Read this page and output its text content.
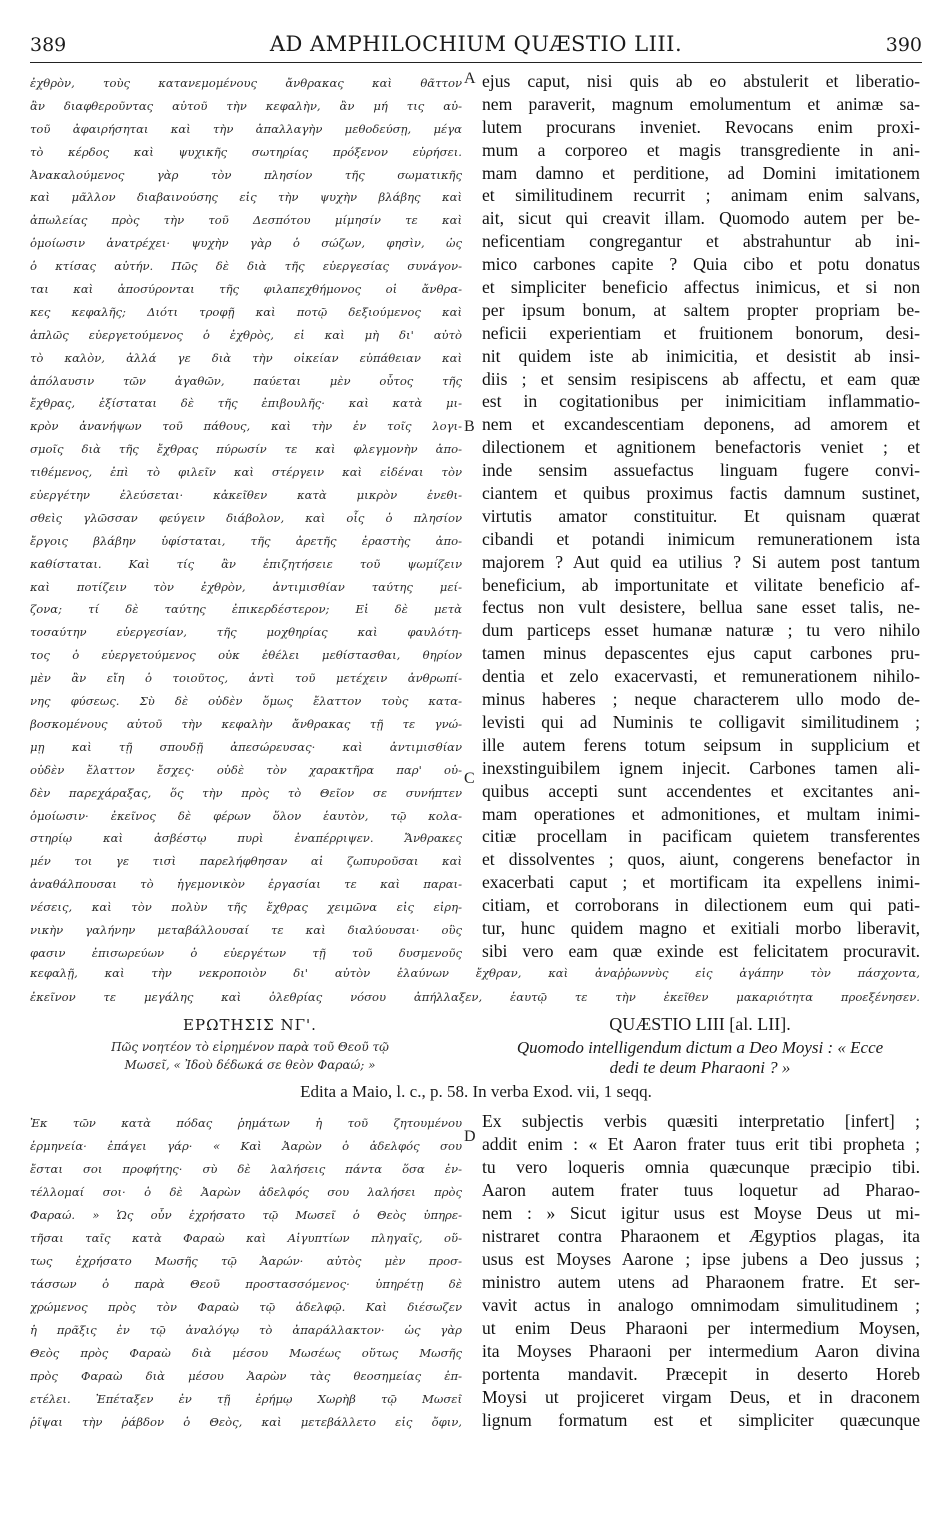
389	AD AMPHILOCHIUM QUÆSTIO LIII.	390
ἐχθρὸν, τοὺς κατανεμομένους ἄνθρακας καὶ θᾶττον
ἂν διαφθεροῦντας αὐτοῦ τὴν κεφαλὴν, ἂν μή τις αὐ-
τοῦ ἀφαιρήσηται καὶ τὴν ἀπαλλαγὴν μεθοδεύσῃ, μέγα
τὸ κέρδος καὶ ψυχικῆς σωτηρίας πρόξενον εὑρήσει.
Ἀνακαλούμενος γὰρ τὸν πλησίον τῆς σωματικῆς
καὶ μᾶλλον διαβαινούσης εἰς τὴν ψυχὴν βλάβης καὶ
ἀπωλείας πρὸς τὴν τοῦ Δεσπότου μίμησίν τε καὶ
ὁμοίωσιν ἀνατρέχει· ψυχὴν γὰρ ὁ σώζων, φησὶν, ὡς
ὁ κτίσας αὐτήν. Πῶς δὲ διὰ τῆς εὐεργεσίας συνάγον-
ται καὶ ἀποσύρονται τῆς φιλαπεχθήμονος οἱ ἄνθρα-
κες κεφαλῆς; Διότι τροφῇ καὶ ποτῷ δεξιούμενος καὶ
ἁπλῶς εὐεργετούμενος ὁ ἐχθρὸς, εἰ καὶ μὴ δι' αὐτὸ
τὸ καλὸν, ἀλλά γε διὰ τὴν οἰκείαν εὐπάθειαν καὶ
ἀπόλαυσιν τῶν ἀγαθῶν, παύεται μὲν οὗτος τῆς
ἔχθρας, ἐξίσταται δὲ τῆς ἐπιβουλῆς· καὶ κατὰ μι-
κρὸν ἀνανήψων τοῦ πάθους, καὶ τὴν ἐν τοῖς λογι-
σμοῖς διὰ τῆς ἔχθρας πύρωσίν τε καὶ φλεγμονὴν ἀπο-
τιθέμενος, ἐπὶ τὸ φιλεῖν καὶ στέργειν καὶ εἰδέναι τὸν
εὐεργέτην ἐλεύσεται· κἀκεῖθεν κατὰ μικρὸν ἐνεθι-
σθεὶς γλῶσσαν φεύγειν διάβολον, καὶ οἷς ὁ πλησίον
ἔργοις βλάβην ὑφίσταται, τῆς ἀρετῆς ἐραστὴς ἀπο-
καθίσταται. Καὶ τίς ἂν ἐπιζητήσειε τοῦ ψωμίζειν
καὶ ποτίζειν τὸν ἐχθρὸν, ἀντιμισθίαν ταύτης μεί-
ζονα; τί δὲ ταύτης ἐπικερδέστερον; Εἰ δὲ μετὰ
τοσαύτην εὐεργεσίαν, τῆς μοχθηρίας καὶ φαυλότη-
τος ὁ εὐεργετούμενος οὐκ ἐθέλει μεθίστασθαι, θηρίον
μὲν ἂν εἴη ὁ τοιοῦτος, ἀντὶ τοῦ μετέχειν ἀνθρωπί-
νης φύσεως. Σὺ δὲ οὐδὲν ὅμως ἔλαττον τοὺς κατα-
βοσκομένους αὐτοῦ τὴν κεφαλὴν ἄνθρακας τῇ τε γνώ-
μῃ καὶ τῇ σπουδῇ ἀπεσώρευσας· καὶ ἀντιμισθίαν
οὐδὲν ἔλαττον ἔσχες· οὐδὲ τὸν χαρακτῆρα παρ' οὐ-
δὲν παρεχάραξας, ὅς τὴν πρὸς τὸ Θεῖον σε συνήπτεν
ὁμοίωσιν· ἐκεῖνος δὲ φέρων ὅλον ἑαυτὸν, τῷ κολα-
στηρίῳ καὶ ἀσβέστῳ πυρὶ ἐναπέρριψεν. Ἄνθρακες
μέν τοι γε τισὶ παρελήφθησαν αἱ ζωπυροῦσαι καὶ
ἀναθάλπουσαι τὸ ἡγεμονικὸν ἐργασίαι τε καὶ παραι-
νέσεις, καὶ τὸν πολὺν τῆς ἔχθρας χειμῶνα εἰς εἰρη-
νικὴν γαλήνην μεταβάλλουσαί τε καὶ διαλύουσαι· οὓς
φασιν ἐπισωρεύων ὁ εὐεργέτων τῇ τοῦ δυσμενοῦς
ejus caput, nisi quis ab eo abstulerit et liberatio-
nem paraverit, magnum emolumentum et animæ sa-
lutem procurans inveniet. Revocans enim proxi-
mum a corporeo et magis transgrediente in ani-
mam damno et perditione, ad Domini imitationem
et similitudinem recurrit ; animam enim salvans,
ait, sicut qui creavit illam. Quomodo autem per be-
neficentiam congregantur et abstrahuntur ab ini-
mico carbones capite ? Quia cibo et potu donatus
et simpliciter beneficio affectus inimicus, et si non
per ipsum bonum, at saltem propter propriam be-
neficii experientiam et fruitionem bonorum, desi-
nit quidem iste ab inimicitia, et desistit ab insi-
diis ; et sensim resipiscens ab affectu, et eam quæ
est in cogitationibus per inimicitiam inflammatio-
nem et excandescentiam deponens, ad amorem et
dilectionem et agnitionem benefactoris veniet ; et
inde sensim assuefactus linguam fugere convi-
ciantem et quibus proximus factis damnum sustinet,
virtutis amator constituitur. Et quisnam quærat
cibandi et potandi inimicum remunerationem ista
majorem ? Aut quid ea utilius ? Si autem post tantum
beneficium, ab importunitate et vilitate beneficio af-
fectus non vult desistere, bellua sane esset talis, ne-
dum particeps esset humanæ naturæ ; tu vero nihilo
tamen minus depascentes ejus caput carbones pru-
dentia et zelo exacervasti, et remunerationem nihilo-
minus haberes ; neque characterem ullo modo de-
levisti qui ad Numinis te colligavit similitudinem ;
ille autem ferens totum seipsum in supplicium et
inexstinguibilem ignem injecit. Carbones tamen ali-
quibus accepti sunt accendentes et excitantes ani-
mam operationes et admonitiones, et multam inimi-
citiæ procellam in pacificam quietem transferentes
et dissolventes ; quos, aiunt, congerens benefactor in
exacerbati caput ; et mortificam ita expellens inimi-
citiam, et corroborans in dilectionem eum qui pati-
tur, hunc quidem magno et exitiali morbo liberavit,
sibi vero eam quæ exinde est felicitatem procuravit.
A
B
C
D
κεφαλῇ, καὶ τὴν νεκροποιὸν δι' αὐτὸν ἐλαύνων ἔχθραν, καὶ ἀναῤῥωννὺς εἰς ἀγάπην τὸν πάσχοντα,
ἐκεῖνον τε μεγάλης καὶ ὀλεθρίας νόσου ἀπήλλαξεν, ἑαυτῷ τε τὴν ἐκεῖθεν μακαριότητα προεξένησεν.
ΕΡΩΤΗΣΙΣ ΝΓ'.	QUÆSTIO LIII [al. LII].
Πῶς νοητέον τὸ εἰρημένον παρὰ τοῦ Θεοῦ τῷ
Μωσεῖ, « Ἰδοὺ δέδωκά σε θεὸν Φαραώ; »
Quomodo intelligendum dictum a Deo Moysi : « Ecce
dedi te deum Pharaoni ? »
Edita a Maio, l. c., p. 58. In verba Exod. vii, 1 seqq.
Ἐκ τῶν κατὰ πόδας ῥημάτων ἡ τοῦ ζητουμένου
ἑρμηνεία· ἐπάγει γάρ· « Καὶ Ἀαρὼν ὁ ἀδελφός σου
ἔσται σοι προφήτης· σὺ δὲ λαλήσεις πάντα ὅσα ἐν-
τέλλομαί σοι· ὁ δὲ Ἀαρὼν ἀδελφός σου λαλήσει πρὸς
Φαραώ. » Ὡς οὖν ἐχρήσατο τῷ Μωσεῖ ὁ Θεὸς ὑπηρε-
τῆσαι ταῖς κατὰ Φαραὼ καὶ Αἰγυπτίων πληγαῖς, οὕ-
τως ἐχρήσατο Μωσῆς τῷ Ἀαρών· αὐτὸς μὲν προσ-
τάσσων ὁ παρὰ Θεοῦ προστασσόμενος· ὑπηρέτῃ δὲ
χρώμενος πρὸς τὸν Φαραὼ τῷ ἀδελφῷ. Καὶ διέσωζεν
ἡ πρᾶξις ἐν τῷ ἀναλόγῳ τὸ ἀπαράλλακτον· ὡς γὰρ
Θεὸς πρὸς Φαραὼ διὰ μέσου Μωσέως οὕτως Μωσῆς
πρὸς Φαραὼ διὰ μέσου Ἀαρὼν τὰς θεοσημείας ἐπ-
ετέλει. Ἐπέταξεν ἐν τῇ ἐρήμῳ Χωρὴβ τῷ Μωσεῖ
ῥῖψαι τὴν ῥάβδον ὁ Θεὸς, καὶ μετεβάλλετο εἰς ὄφιν,
Ex subjectis verbis quæsiti interpretatio [infert] ;
addit enim : « Et Aaron frater tuus erit tibi propheta ;
tu vero loqueris omnia quæcunque præcipio tibi.
Aaron autem frater tuus loquetur ad Pharao-
nem : » Sicut igitur usus est Moyse Deus ut mi-
nistraret contra Pharaonem et Ægyptios plagas, ita
usus est Moyses Aarone ; ipse jubens a Deo jussus ;
ministro autem utens ad Pharaonem fratre. Et ser-
vavit actus in analogo omnimodam simulitudinem ;
ut enim Deus Pharaoni per intermedium Moysen,
ita Moyses Pharaoni per intermedium Aaron divina
portenta mandavit. Præcepit in deserto Horeb
Moysi ut projiceret virgam Deus, et in draconem
lignum formatum est et simpliciter quæcunque
